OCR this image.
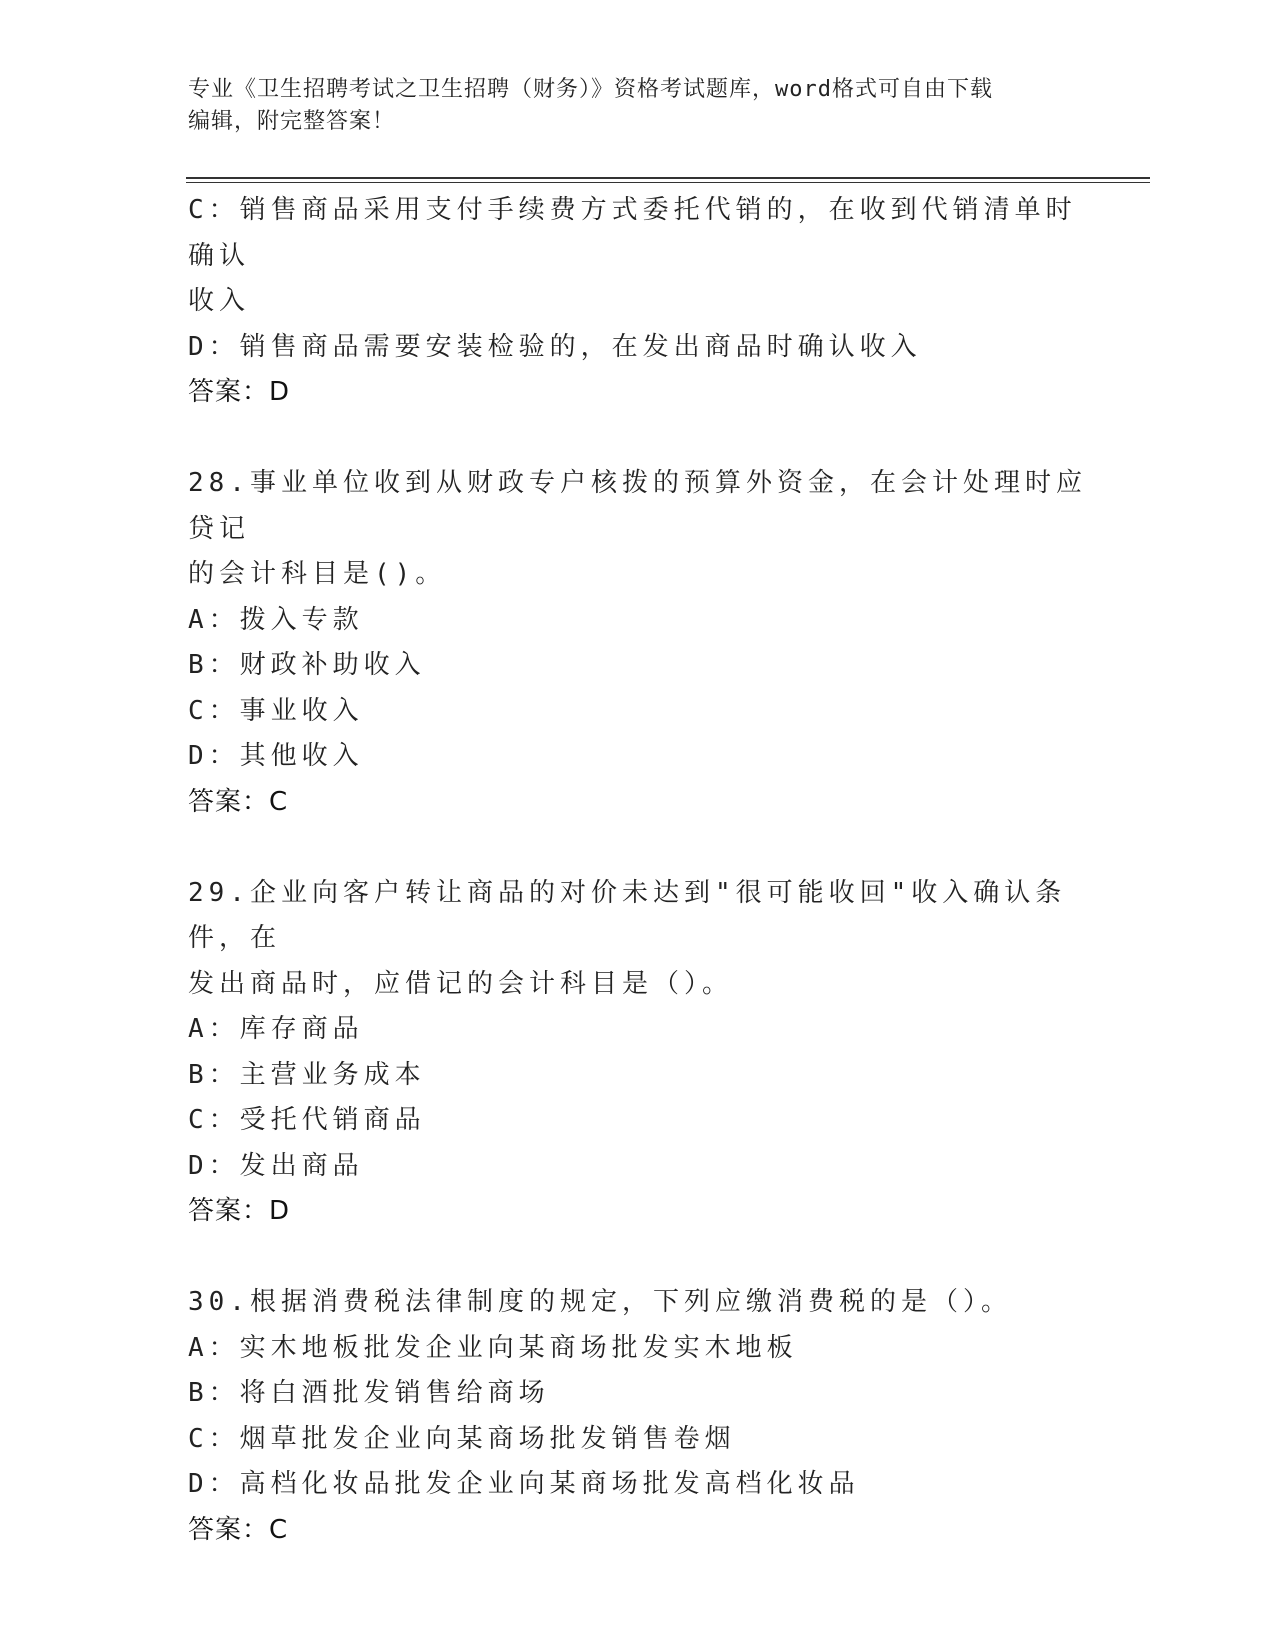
专业《卫生招聘考试之卫生招聘（财务）》资格考试题库，word格式可自由下载
编辑，附完整答案！
C：销售商品采用支付手续费方式委托代销的，在收到代销清单时确认
收入
D：销售商品需要安装检验的，在发出商品时确认收入
答案：D
28.事业单位收到从财政专户核拨的预算外资金，在会计处理时应贷记
的会计科目是()。
A：拨入专款
B：财政补助收入
C：事业收入
D：其他收入
答案：C
29.企业向客户转让商品的对价未达到"很可能收回"收入确认条件，在
发出商品时，应借记的会计科目是（）。
A：库存商品
B：主营业务成本
C：受托代销商品
D：发出商品
答案：D
30.根据消费税法律制度的规定，下列应缴消费税的是（）。
A：实木地板批发企业向某商场批发实木地板
B：将白酒批发销售给商场
C：烟草批发企业向某商场批发销售卷烟
D：高档化妆品批发企业向某商场批发高档化妆品
答案：C
